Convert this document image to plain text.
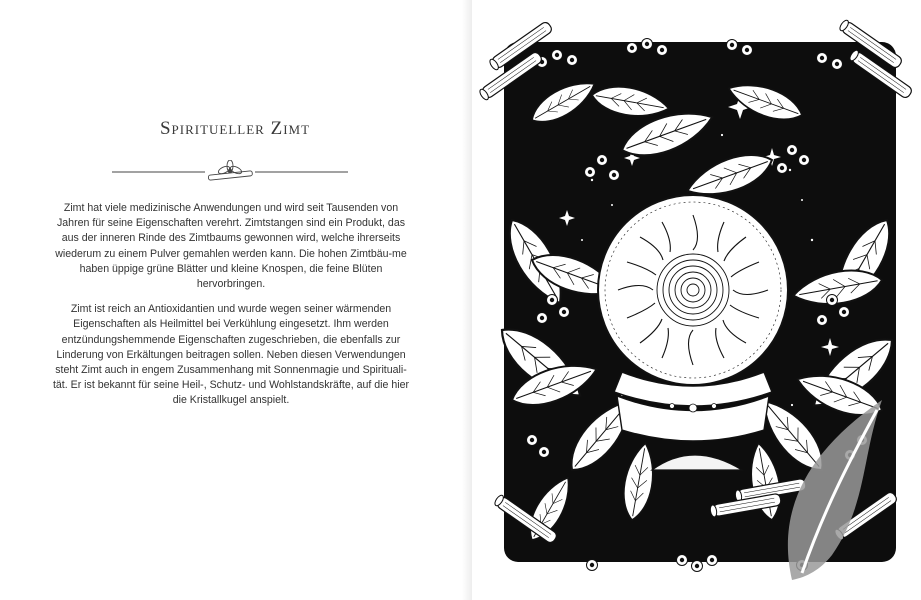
Spiritueller Zimt

Zimt hat viele medizinische Anwendungen und wird seit Tausenden von Jahren für seine Eigenschaften verehrt. Zimtstangen sind ein Produkt, das aus der inneren Rinde des Zimtbaums gewonnen wird, welche ihrerseits wiederum zu einem Pulver gemahlen werden kann. Die hohen Zimtbäu-me haben üppige grüne Blätter und kleine Knospen, die feine Blüten hervorbringen.

Zimt ist reich an Antioxidantien und wurde wegen seiner wärmenden Eigenschaften als Heilmittel bei Verkühlung eingesetzt. Ihm werden entzündungshemmende Eigenschaften zugeschrieben, die ebenfalls zur Linderung von Erkältungen beitragen sollen. Neben diesen Verwendungen steht Zimt auch in engem Zusammenhang mit Sonnenmagie und Spirituali-tät. Er ist bekannt für seine Heil-, Schutz- und Wohlstandskräfte, auf die hier die Kristallkugel anspielt.
